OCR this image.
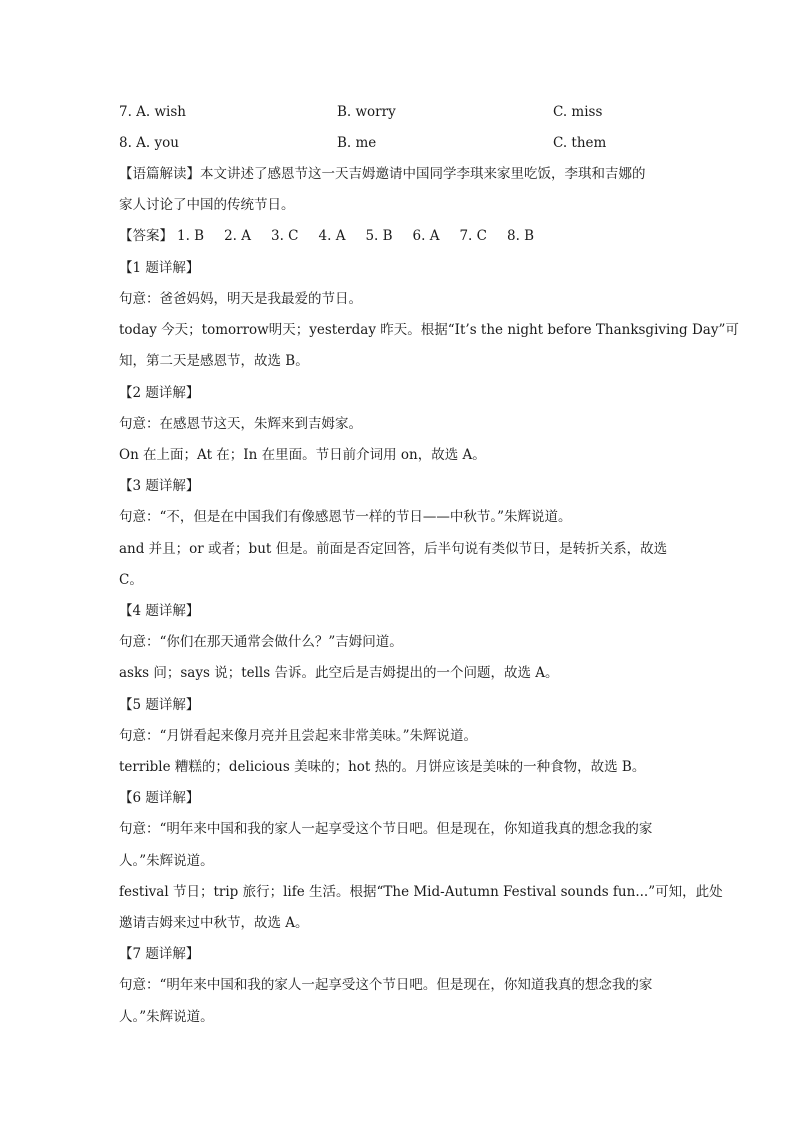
7. A. wish	B. worry	C. miss
8. A. you	B. me	C. them
【语篇解读】本文讲述了感恩节这一天吉姆邀请中国同学李琪来家里吃饭，李琪和吉娜的
家人讨论了中国的传统节日。
【答案】 1. B 2. A 3. C 4. A 5. B 6. A 7. C 8. B
【1 题详解】
句意：爸爸妈妈，明天是我最爱的节日。
today 今天；tomorrow明天；yesterday 昨天。根据“It’s the night before Thanksgiving Day”可
知，第二天是感恩节，故选 B。
【2 题详解】
句意：在感恩节这天，朱辉来到吉姆家。
On 在上面；At 在；In 在里面。节日前介词用 on，故选 A。
【3 题详解】
句意：“不，但是在中国我们有像感恩节一样的节日——中秋节。”朱辉说道。
and 并且；or 或者；but 但是。前面是否定回答，后半句说有类似节日，是转折关系，故选
C。
【4 题详解】
句意：“你们在那天通常会做什么？”吉姆问道。
asks 问；says 说；tells 告诉。此空后是吉姆提出的一个问题，故选 A。
【5 题详解】
句意：“月饼看起来像月亮并且尝起来非常美味。”朱辉说道。
terrible 糟糕的；delicious 美味的；hot 热的。月饼应该是美味的一种食物，故选 B。
【6 题详解】
句意：“明年来中国和我的家人一起享受这个节日吧。但是现在，你知道我真的想念我的家
人。”朱辉说道。
festival 节日；trip 旅行；life 生活。根据“The Mid-Autumn Festival sounds fun...”可知，此处
邀请吉姆来过中秋节，故选 A。
【7 题详解】
句意：“明年来中国和我的家人一起享受这个节日吧。但是现在，你知道我真的想念我的家
人。”朱辉说道。
